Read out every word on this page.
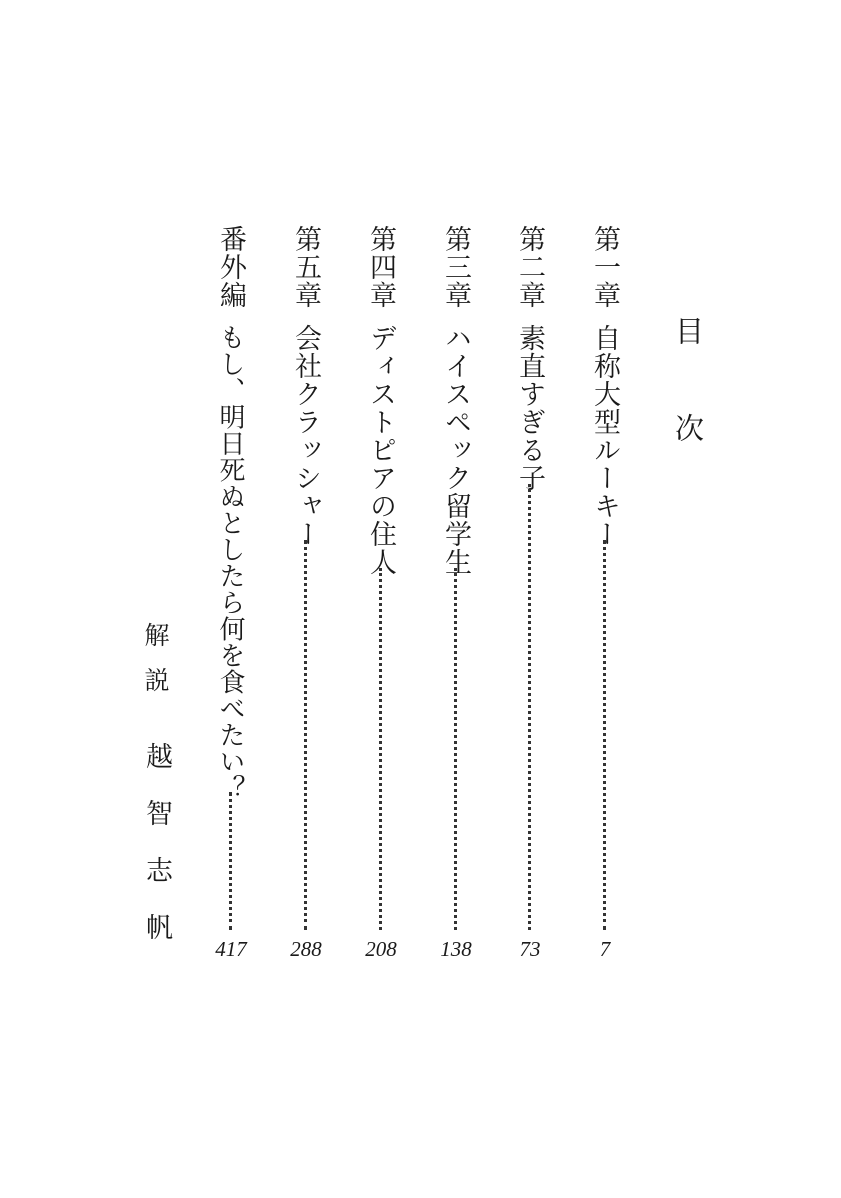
目次
第一章
自称大型ルーキー
7
第二章
素直すぎる子
73
第三章
ハイスペック留学生
138
第四章
ディストピアの住人
208
第五章
会社クラッシャー
288
番外編
もし、明日死ぬとしたら何を食べたい？
417
解説
越智志帆
